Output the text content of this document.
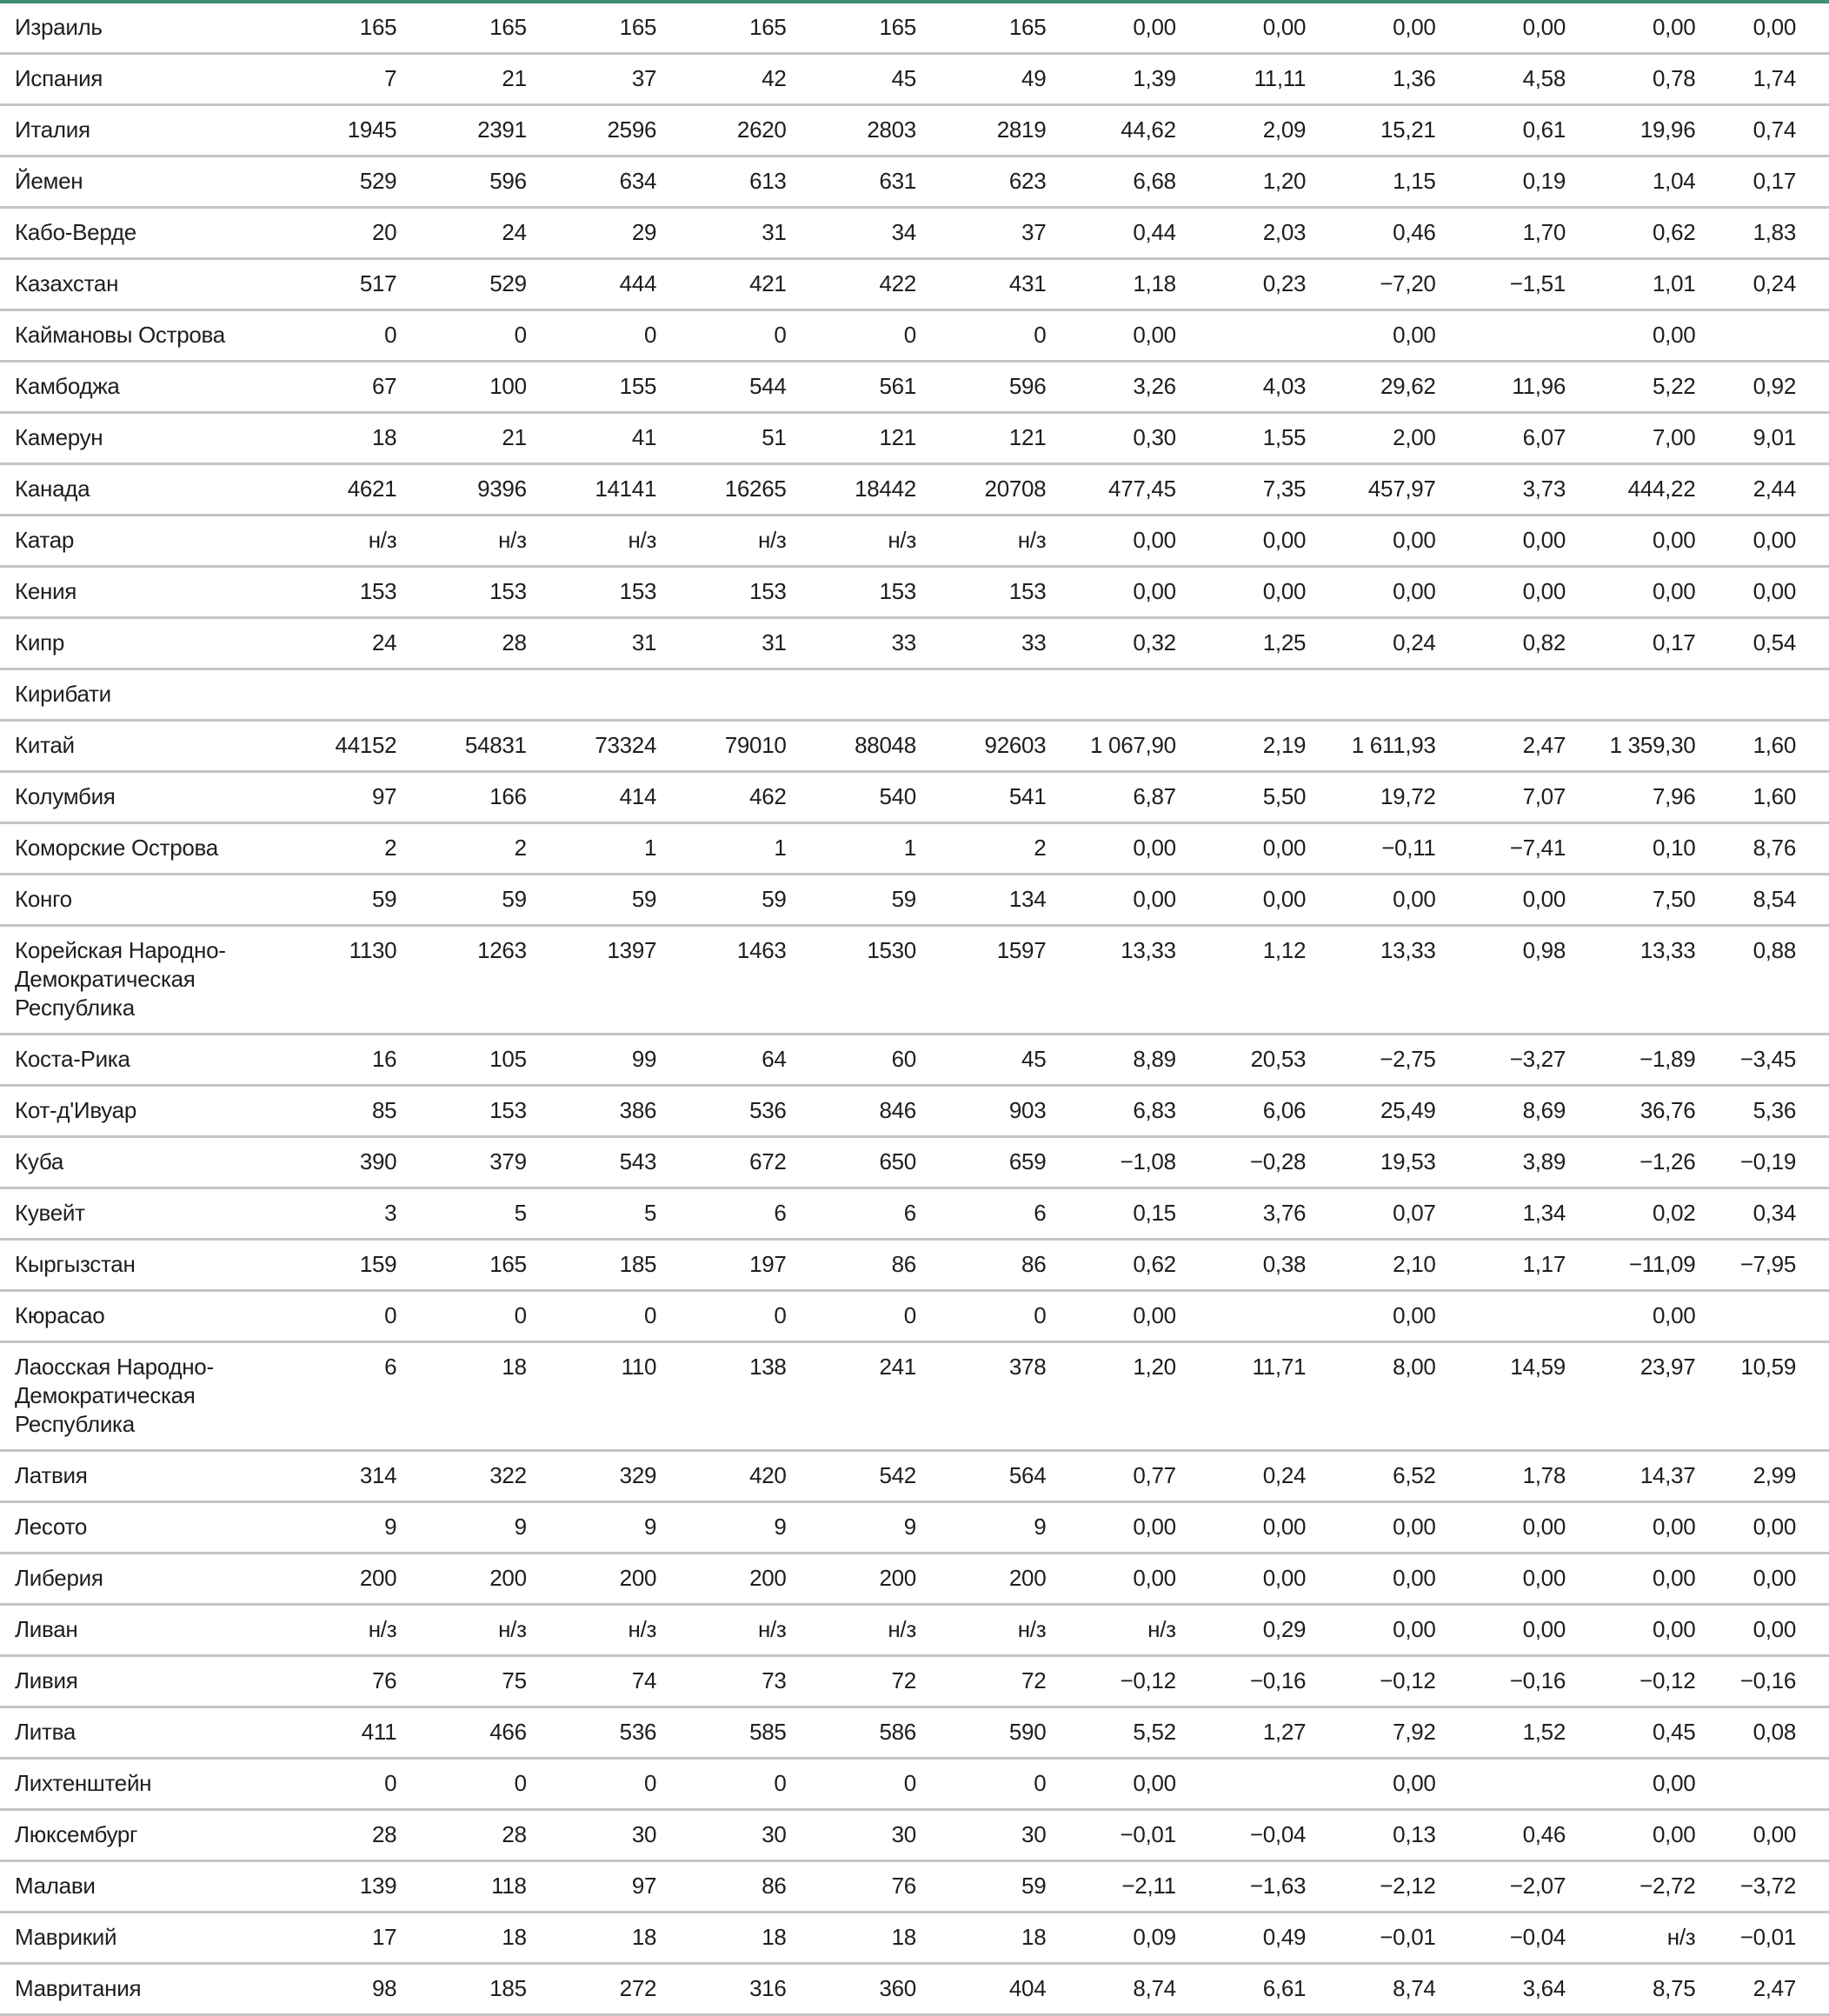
Израиль	165	165	165	165	165	165	0,00	0,00	0,00	0,00	0,00	0,00
Испания	7	21	37	42	45	49	1,39	11,11	1,36	4,58	0,78	1,74
Италия	1945	2391	2596	2620	2803	2819	44,62	2,09	15,21	0,61	19,96	0,74
Йемен	529	596	634	613	631	623	6,68	1,20	1,15	0,19	1,04	0,17
Кабо-Верде	20	24	29	31	34	37	0,44	2,03	0,46	1,70	0,62	1,83
Казахстан	517	529	444	421	422	431	1,18	0,23	−7,20	−1,51	1,01	0,24
Каймановы Острова	0	0	0	0	0	0	0,00		0,00		0,00	
Камбоджа	67	100	155	544	561	596	3,26	4,03	29,62	11,96	5,22	0,92
Камерун	18	21	41	51	121	121	0,30	1,55	2,00	6,07	7,00	9,01
Канада	4621	9396	14141	16265	18442	20708	477,45	7,35	457,97	3,73	444,22	2,44
Катар	н/з	н/з	н/з	н/з	н/з	н/з	0,00	0,00	0,00	0,00	0,00	0,00
Кения	153	153	153	153	153	153	0,00	0,00	0,00	0,00	0,00	0,00
Кипр	24	28	31	31	33	33	0,32	1,25	0,24	0,82	0,17	0,54
Кирибати												
Китай	44152	54831	73324	79010	88048	92603	1 067,90	2,19	1 611,93	2,47	1 359,30	1,60
Колумбия	97	166	414	462	540	541	6,87	5,50	19,72	7,07	7,96	1,60
Коморские Острова	2	2	1	1	1	2	0,00	0,00	−0,11	−7,41	0,10	8,76
Конго	59	59	59	59	59	134	0,00	0,00	0,00	0,00	7,50	8,54
Корейская Народно-Демократическая Республика	1130	1263	1397	1463	1530	1597	13,33	1,12	13,33	0,98	13,33	0,88
Коста-Рика	16	105	99	64	60	45	8,89	20,53	−2,75	−3,27	−1,89	−3,45
Кот-д'Ивуар	85	153	386	536	846	903	6,83	6,06	25,49	8,69	36,76	5,36
Куба	390	379	543	672	650	659	−1,08	−0,28	19,53	3,89	−1,26	−0,19
Кувейт	3	5	5	6	6	6	0,15	3,76	0,07	1,34	0,02	0,34
Кыргызстан	159	165	185	197	86	86	0,62	0,38	2,10	1,17	−11,09	−7,95
Кюрасао	0	0	0	0	0	0	0,00		0,00		0,00	
Лаосская Народно-Демократическая Республика	6	18	110	138	241	378	1,20	11,71	8,00	14,59	23,97	10,59
Латвия	314	322	329	420	542	564	0,77	0,24	6,52	1,78	14,37	2,99
Лесото	9	9	9	9	9	9	0,00	0,00	0,00	0,00	0,00	0,00
Либерия	200	200	200	200	200	200	0,00	0,00	0,00	0,00	0,00	0,00
Ливан	н/з	н/з	н/з	н/з	н/з	н/з	н/з	0,29	0,00	0,00	0,00	0,00
Ливия	76	75	74	73	72	72	−0,12	−0,16	−0,12	−0,16	−0,12	−0,16
Литва	411	466	536	585	586	590	5,52	1,27	7,92	1,52	0,45	0,08
Лихтенштейн	0	0	0	0	0	0	0,00		0,00		0,00	
Люксембург	28	28	30	30	30	30	−0,01	−0,04	0,13	0,46	0,00	0,00
Малави	139	118	97	86	76	59	−2,11	−1,63	−2,12	−2,07	−2,72	−3,72
Маврикий	17	18	18	18	18	18	0,09	0,49	−0,01	−0,04	н/з	−0,01
Мавритания	98	185	272	316	360	404	8,74	6,61	8,74	3,64	8,75	2,47
